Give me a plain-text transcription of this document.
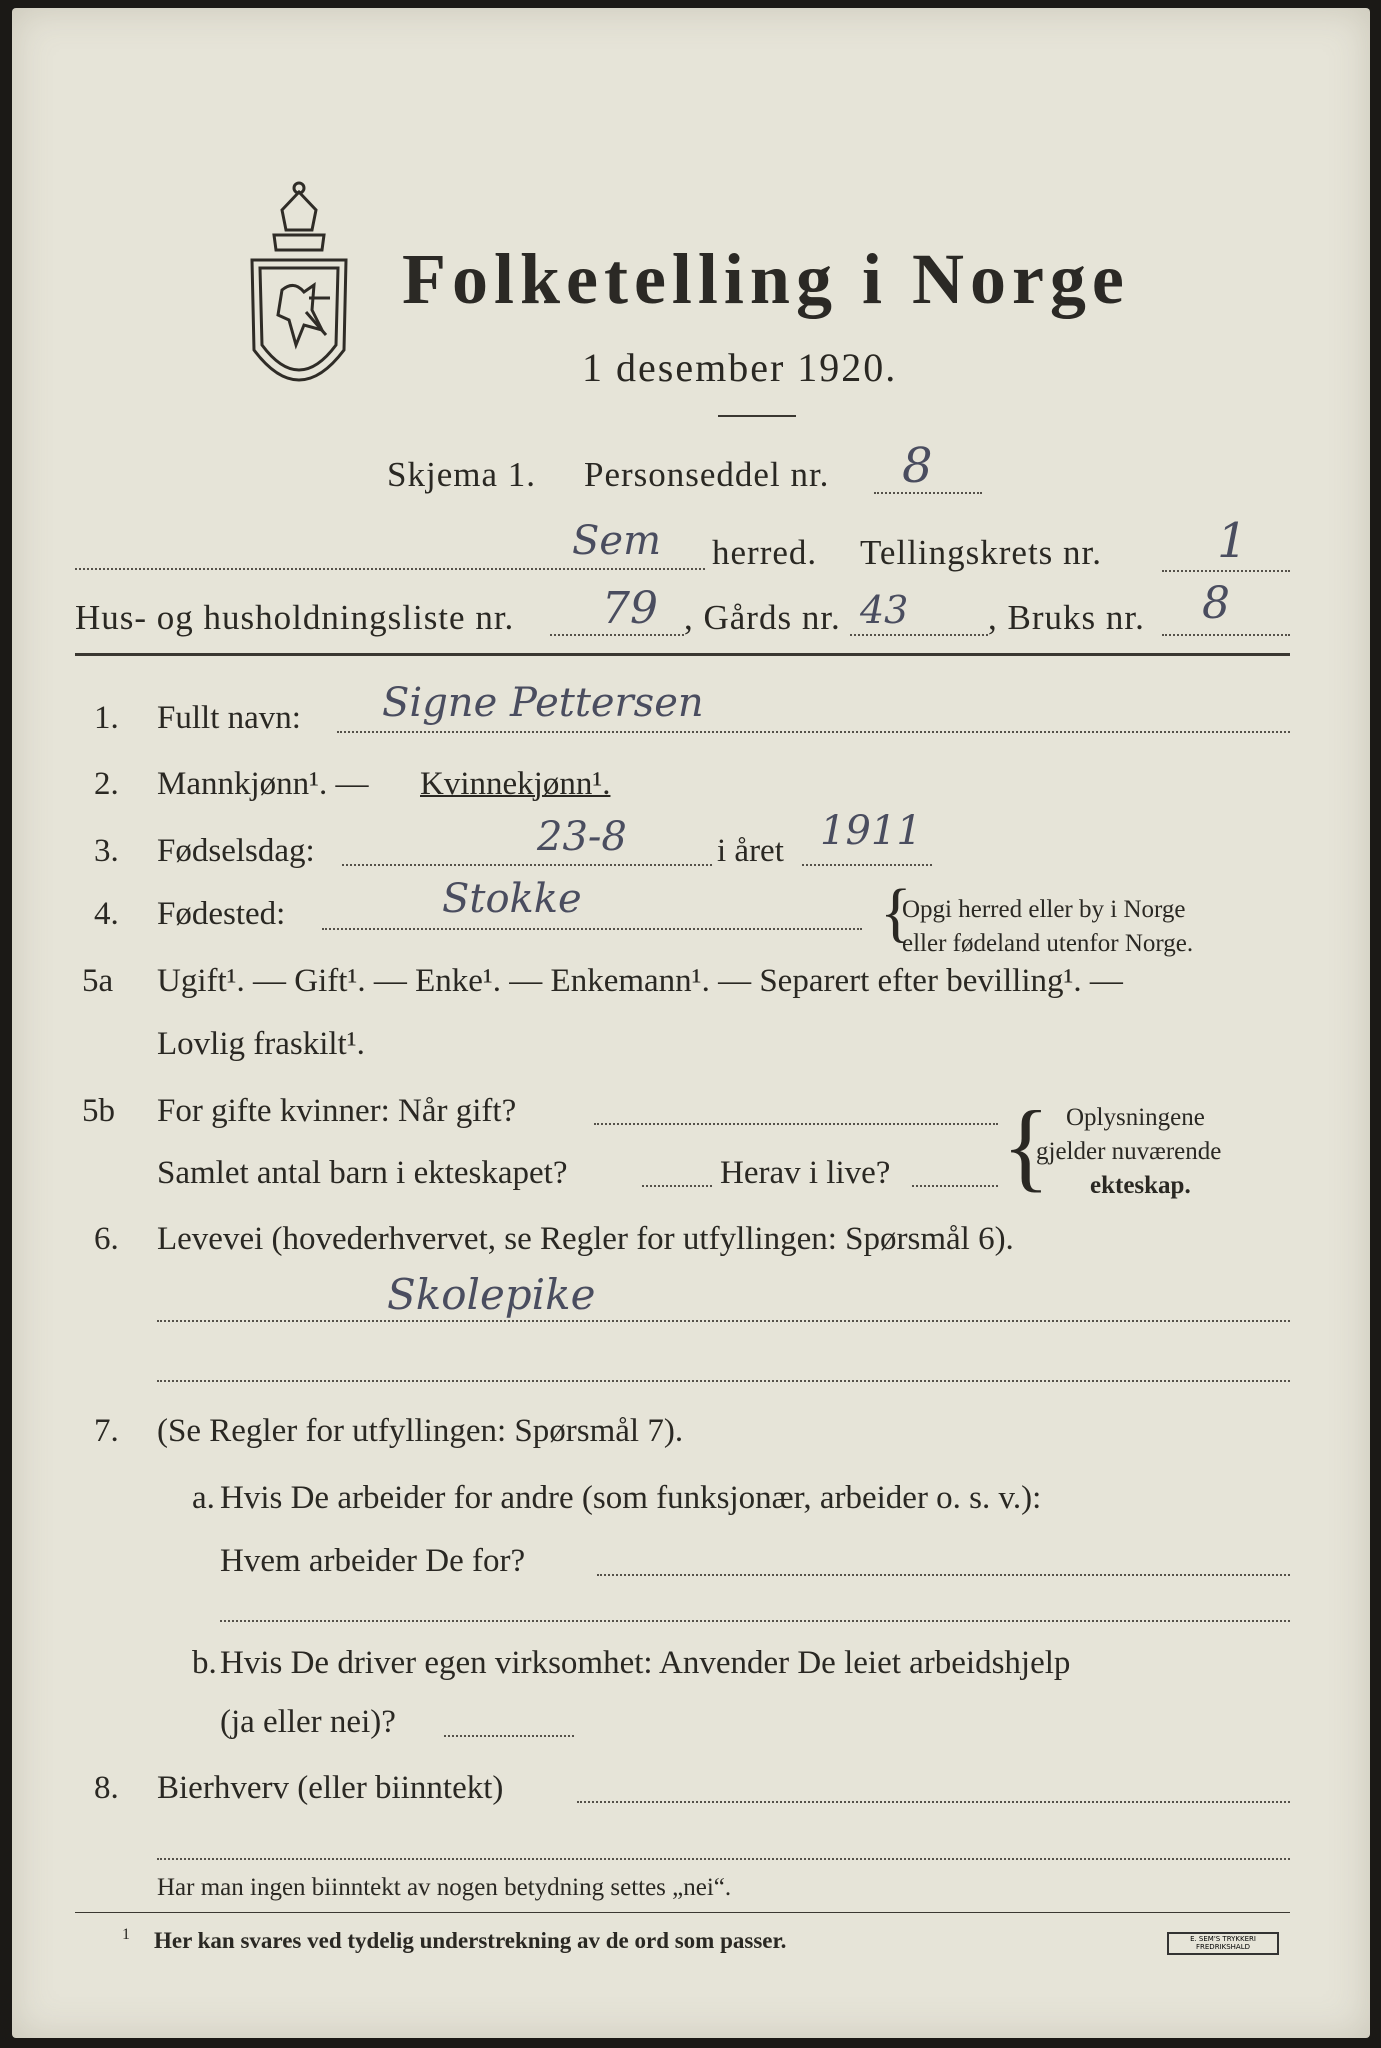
Folketelling i Norge
1 desember 1920.
Skjema 1. Personseddel nr. 8
Sem herred. Tellingskrets nr. 1
Hus- og husholdningsliste nr. 79 , Gårds nr. 43 , Bruks nr. 8
1. Fullt navn: Signe Pettersen
2. Mannkjønn¹. — Kvinnekjønn¹.
3. Fødselsdag:	23-8	i året 1911
4. Fødested:	Stokke	{
Opgi herred eller by i Norge
eller fødeland utenfor Norge.
5a Ugift¹. — Gift¹. — Enke¹. — Enkemann¹. — Separert efter bevilling¹. —
Lovlig fraskilt¹.
5b For gifte kvinner: Når gift?
Samlet antal barn i ekteskapet?	Herav i live? { Oplysningene
gjelder nuværende
ekteskap.
6. Levevei (hovederhvervet, se Regler for utfyllingen: Spørsmål 6).
Skolepike
7. (Se Regler for utfyllingen: Spørsmål 7).
a. Hvis De arbeider for andre (som funksjonær, arbeider o. s. v.):
Hvem arbeider De for?
b. Hvis De driver egen virksomhet: Anvender De leiet arbeidshjelp
(ja eller nei)?
8. Bierhverv (eller biinntekt)
Har man ingen biinntekt av nogen betydning settes „nei“.
1 Her kan svares ved tydelig understrekning av de ord som passer.	E. SEM'S TRYKKERI FREDRIKSHALD
